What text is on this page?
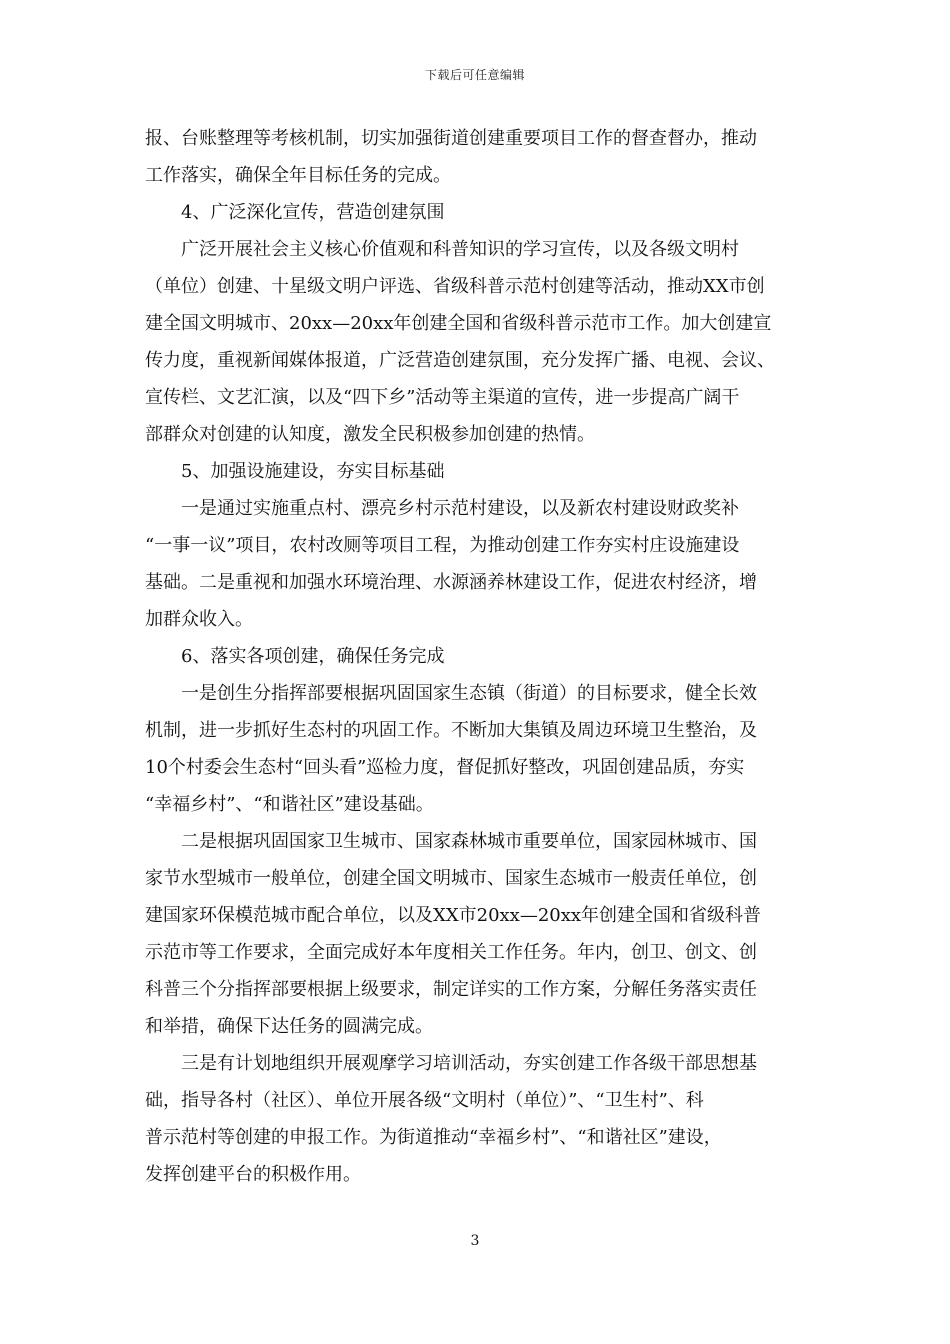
下载后可任意编辑
报、台账整理等考核机制，切实加强街道创建重要项目工作的督查督办，推动
工作落实，确保全年目标任务的完成。
4、广泛深化宣传，营造创建氛围
广泛开展社会主义核心价值观和科普知识的学习宣传，以及各级文明村
（单位）创建、十星级文明户评选、省级科普示范村创建等活动，推动XX市创
建全国文明城市、20xx—20xx年创建全国和省级科普示范市工作。加大创建宣
传力度，重视新闻媒体报道，广泛营造创建氛围，充分发挥广播、电视、会议、
宣传栏、文艺汇演，以及“四下乡”活动等主渠道的宣传，进一步提高广阔干
部群众对创建的认知度，激发全民积极参加创建的热情。
5、加强设施建设，夯实目标基础
一是通过实施重点村、漂亮乡村示范村建设，以及新农村建设财政奖补
“一事一议”项目，农村改厕等项目工程，为推动创建工作夯实村庄设施建设
基础。二是重视和加强水环境治理、水源涵养林建设工作，促进农村经济，增
加群众收入。
6、落实各项创建，确保任务完成
一是创生分指挥部要根据巩固国家生态镇（街道）的目标要求，健全长效
机制，进一步抓好生态村的巩固工作。不断加大集镇及周边环境卫生整治，及
10个村委会生态村“回头看”巡检力度，督促抓好整改，巩固创建品质，夯实
“幸福乡村”、“和谐社区”建设基础。
二是根据巩固国家卫生城市、国家森林城市重要单位，国家园林城市、国
家节水型城市一般单位，创建全国文明城市、国家生态城市一般责任单位，创
建国家环保模范城市配合单位，以及XX市20xx—20xx年创建全国和省级科普
示范市等工作要求，全面完成好本年度相关工作任务。年内，创卫、创文、创
科普三个分指挥部要根据上级要求，制定详实的工作方案，分解任务落实责任
和举措，确保下达任务的圆满完成。
三是有计划地组织开展观摩学习培训活动，夯实创建工作各级干部思想基
础，指导各村（社区）、单位开展各级“文明村（单位）”、“卫生村”、科
普示范村等创建的申报工作。为街道推动“幸福乡村”、“和谐社区”建设，
发挥创建平台的积极作用。
3
